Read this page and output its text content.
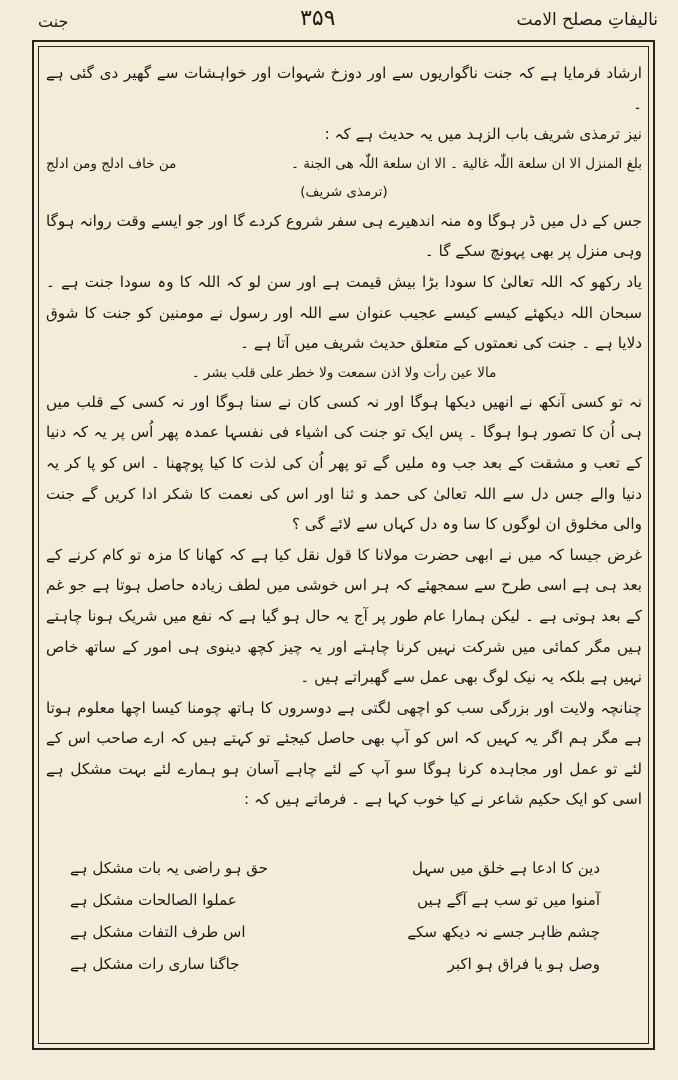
نالیفاتِ مصلح الامت
۳۵۹
جنت

ارشاد فرمایا ہے کہ جنت ناگواریوں سے اور دوزخ شہوات اور خواہشات سے گھیر دی گئی ہے ۔

نیز ترمذی شریف باب الزہد میں یہ حدیث ہے کہ :

بلغ المنزل الا ان سلعة اللّٰہ غالیة ۔ الا ان سلعة اللّٰہ ھی الجنة ۔
من خاف ادلج ومن ادلج

(ترمذی شریف)

جس کے دل میں ڈر ہوگا وہ منہ اندھیرے ہی سفر شروع کردے گا اور جو ایسے وقت روانہ ہوگا وہی منزل پر بھی پہونچ سکے گا ۔

یاد رکھو کہ اللہ تعالیٰ کا سودا بڑا بیش قیمت ہے اور سن لو کہ اللہ کا وہ سودا جنت ہے ۔ سبحان اللہ دیکھئے کیسے کیسے عجیب عنوان سے اللہ اور رسول نے مومنین کو جنت کا شوق دلایا ہے ۔ جنت کی نعمتوں کے متعلق حدیث شریف میں آتا ہے ۔

مالا عین رأت ولا اذن سمعت ولا خطر علی قلب بشر ۔

نہ تو کسی آنکھ نے انھیں دیکھا ہوگا اور نہ کسی کان نے سنا ہوگا اور نہ کسی کے قلب میں ہی اُن کا تصور ہوا ہوگا ۔ پس ایک تو جنت کی اشیاء فی نفسہا عمدہ پھر اُس پر یہ کہ دنیا کے تعب و مشقت کے بعد جب وہ ملیں گے تو پھر اُن کی لذت کا کیا پوچھنا ۔ اس کو پا کر یہ دنیا والے جس دل سے اللہ تعالیٰ کی حمد و ثنا اور اس کی نعمت کا شکر ادا کریں گے جنت والی مخلوق ان لوگوں کا سا وہ دل کہاں سے لائے گی ؟

غرض جیسا کہ میں نے ابھی حضرت مولانا کا قول نقل کیا ہے کہ کھانا کا مزہ تو کام کرنے کے بعد ہی ہے اسی طرح سے سمجھئے کہ ہر اس خوشی میں لطف زیادہ حاصل ہوتا ہے جو غم کے بعد ہوتی ہے ۔ لیکن ہمارا عام طور پر آج یہ حال ہو گیا ہے کہ نفع میں شریک ہونا چاہتے ہیں مگر کمائی میں شرکت نہیں کرنا چاہتے اور یہ چیز کچھ دینوی ہی امور کے ساتھ خاص نہیں ہے بلکہ یہ نیک لوگ بھی عمل سے گھبراتے ہیں ۔

چنانچہ ولایت اور بزرگی سب کو اچھی لگتی ہے دوسروں کا ہاتھ چومنا کیسا اچھا معلوم ہوتا ہے مگر ہم اگر یہ کہیں کہ اس کو آپ بھی حاصل کیجئے تو کہتے ہیں کہ ارے صاحب اس کے لئے تو عمل اور مجاہدہ کرنا ہوگا سو آپ کے لئے چاہے آسان ہو ہمارے لئے بہت مشکل ہے اسی کو ایک حکیم شاعر نے کیا خوب کہا ہے ۔ فرماتے ہیں کہ :

دین کا ادعا ہے خلق میں سہل
حق ہو راضی یہ بات مشکل ہے
آمنوا میں تو سب ہے آگے ہیں
عملوا الصالحات مشکل ہے
چشم ظاہر جسے نہ دیکھ سکے
اس طرف التفات مشکل ہے
وصل ہو یا فراق ہو اکبر
جاگنا ساری رات مشکل ہے
